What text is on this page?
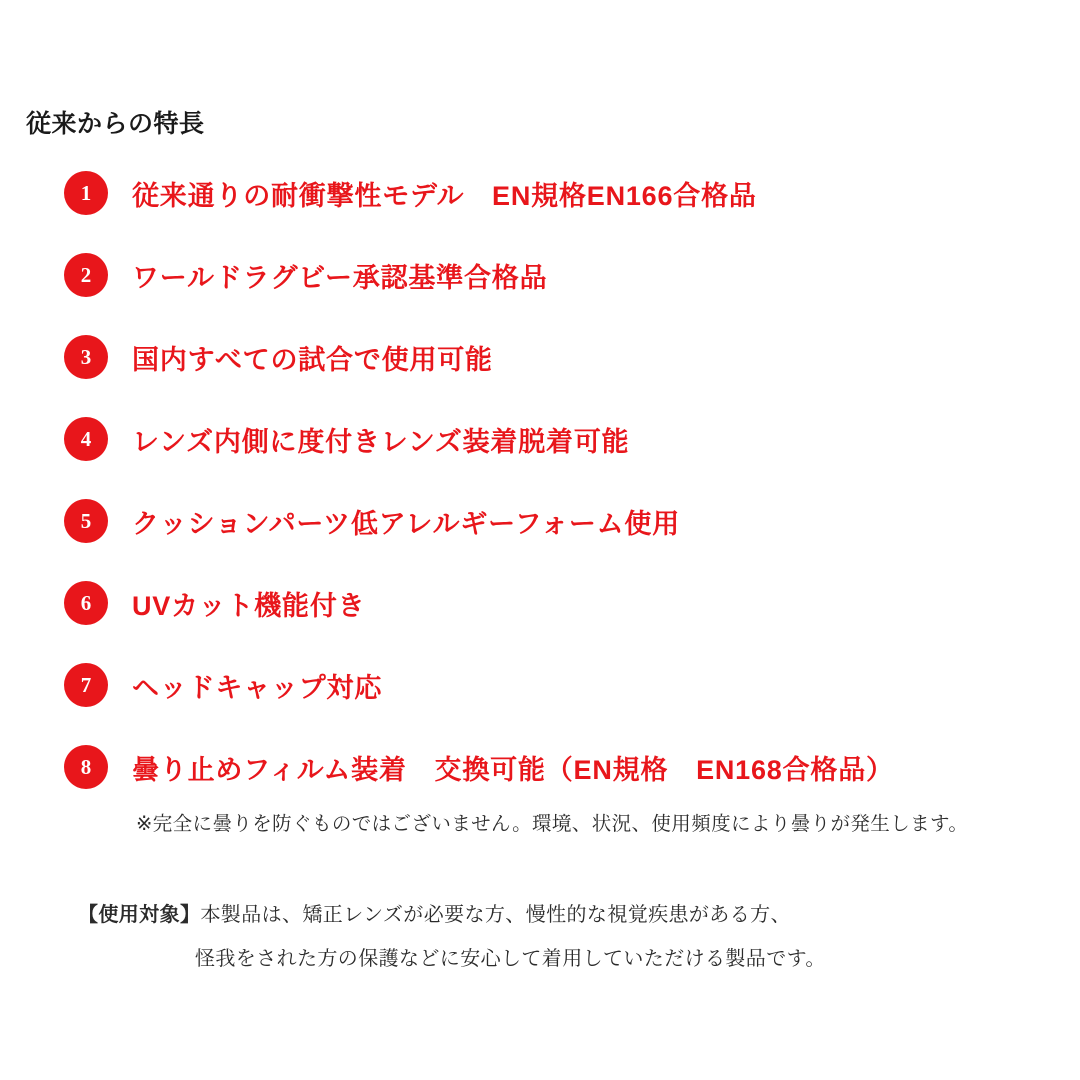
従来からの特長
1	従来通りの耐衝撃性モデル　EN規格EN166合格品
2	ワールドラグビー承認基準合格品
3	国内すべての試合で使用可能
4	レンズ内側に度付きレンズ装着脱着可能
5	クッションパーツ低アレルギーフォーム使用
6	UVカット機能付き
7	ヘッドキャップ対応
8	曇り止めフィルム装着　交換可能（EN規格　EN168合格品）
※完全に曇りを防ぐものではございません。環境、状況、使用頻度により曇りが発生します。
【使用対象】本製品は、矯正レンズが必要な方、慢性的な視覚疾患がある方、
怪我をされた方の保護などに安心して着用していただける製品です。
